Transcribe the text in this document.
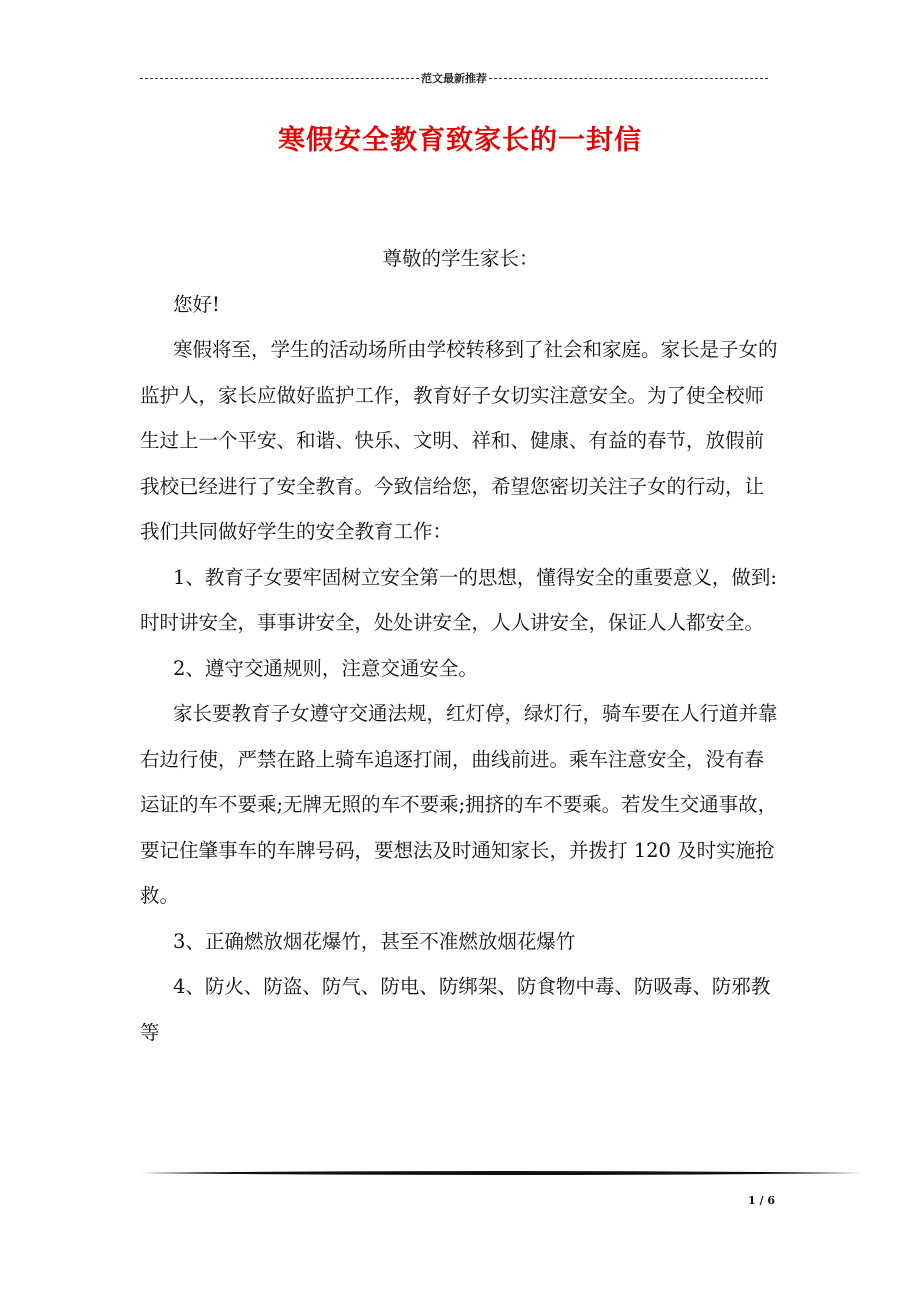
范文最新推荐
寒假安全教育致家长的一封信

尊敬的学生家长：

您好!

寒假将至，学生的活动场所由学校转移到了社会和家庭。家长是子女的监护人，家长应做好监护工作，教育好子女切实注意安全。为了使全校师生过上一个平安、和谐、快乐、文明、祥和、健康、有益的春节，放假前我校已经进行了安全教育。今致信给您，希望您密切关注子女的行动，让我们共同做好学生的安全教育工作：

1、教育子女要牢固树立安全第一的思想，懂得安全的重要意义，做到: 时时讲安全，事事讲安全，处处讲安全，人人讲安全，保证人人都安全。

2、遵守交通规则，注意交通安全。

家长要教育子女遵守交通法规，红灯停，绿灯行，骑车要在人行道并靠右边行使，严禁在路上骑车追逐打闹，曲线前进。乘车注意安全，没有春运证的车不要乘;无牌无照的车不要乘;拥挤的车不要乘。若发生交通事故，要记住肇事车的车牌号码，要想法及时通知家长，并拨打 120 及时实施抢救。

3、正确燃放烟花爆竹，甚至不准燃放烟花爆竹

4、防火、防盗、防气、防电、防绑架、防食物中毒、防吸毒、防邪教等

1 / 6
